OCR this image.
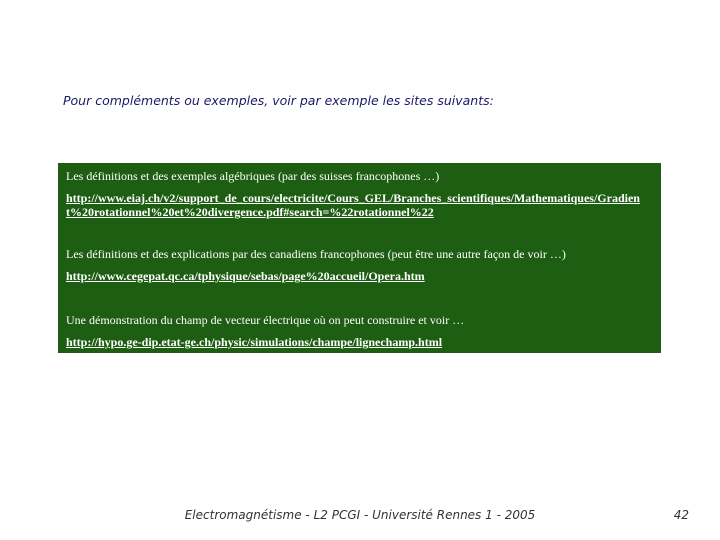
Pour compléments ou exemples, voir par exemple les sites suivants:

Les définitions et des exemples algébriques (par des suisses francophones …)

http://www.eiaj.ch/v2/support_de_cours/electricite/Cours_GEL/Branches_scientifiques/Mathematiques/Gradient%20rotationnel%20et%20divergence.pdf#search=%22rotationnel%22

Les définitions et des explications par des canadiens francophones (peut être une autre façon de voir …)

http://www.cegepat.qc.ca/tphysique/sebas/page%20accueil/Opera.htm

Une démonstration du champ de vecteur électrique où on peut construire et voir …

http://hypo.ge-dip.etat-ge.ch/physic/simulations/champe/lignechamp.html
Electromagnétisme - L2 PCGI - Université Rennes 1 - 2005	42
